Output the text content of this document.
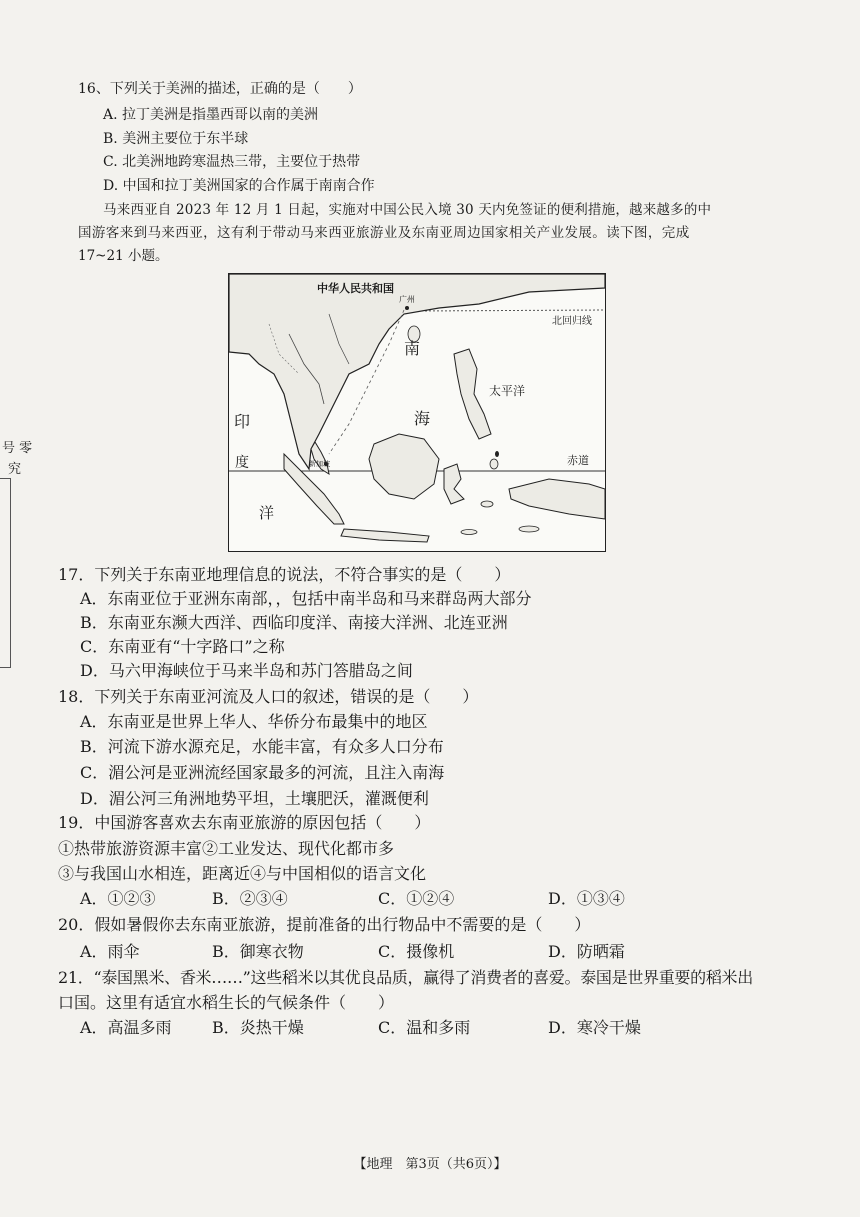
16、下列关于美洲的描述，正确的是（　　）
A. 拉丁美洲是指墨西哥以南的美洲
B. 美洲主要位于东半球
C. 北美洲地跨寒温热三带，主要位于热带
D. 中国和拉丁美洲国家的合作属于南南合作
马来西亚自 2023 年 12 月 1 日起，实施对中国公民入境 30 天内免签证的便利措施，越来越多的中
国游客来到马来西亚，这有利于带动马来西亚旅游业及东南亚周边国家相关产业发展。读下图，完成
17~21 小题。
号 零
究
中华人民共和国
广州
北回归线
南
太平洋
海
印
度	赤道
新加坡
洋
17．下列关于东南亚地理信息的说法，不符合事实的是（　　）
A．东南亚位于亚洲东南部，，包括中南半岛和马来群岛两大部分
B．东南亚东濒大西洋、西临印度洋、南接大洋洲、北连亚洲
C．东南亚有“十字路口”之称
D．马六甲海峡位于马来半岛和苏门答腊岛之间
18．下列关于东南亚河流及人口的叙述，错误的是（　　）
A．东南亚是世界上华人、华侨分布最集中的地区
B．河流下游水源充足，水能丰富，有众多人口分布
C．湄公河是亚洲流经国家最多的河流，且注入南海
D．湄公河三角洲地势平坦，土壤肥沃，灌溉便利
19．中国游客喜欢去东南亚旅游的原因包括（　　）
①热带旅游资源丰富②工业发达、现代化都市多
③与我国山水相连，距离近④与中国相似的语言文化
A．①②③	B．②③④	C．①②④	D．①③④
20．假如暑假你去东南亚旅游，提前准备的出行物品中不需要的是（　　）
A．雨伞	B．御寒衣物	C．摄像机	D．防晒霜
21．“泰国黑米、香米……”这些稻米以其优良品质，赢得了消费者的喜爱。泰国是世界重要的稻米出
口国。这里有适宜水稻生长的气候条件（　　）
A．高温多雨	B．炎热干燥	C．温和多雨	D．寒冷干燥
【地理　第3页（共6页）】
